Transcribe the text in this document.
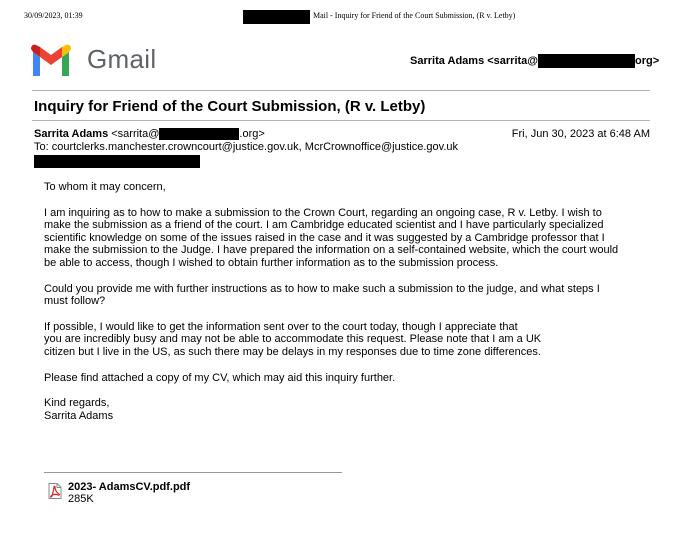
30/09/2023, 01:39	Mail - Inquiry for Friend of the Court Submission, (R v. Letby)
Gmail	Sarrita Adams <sarrita@	org>
Inquiry for Friend of the Court Submission, (R v. Letby)
Sarrita Adams <sarrita@	.org>	Fri, Jun 30, 2023 at 6:48 AM
To: courtclerks.manchester.crowncourt@justice.gov.uk, McrCrownoffice@justice.gov.uk

To whom it may concern,

I am inquiring as to how to make a submission to the Crown Court, regarding an ongoing case, R v. Letby. I wish to
make the submission as a friend of the court. I am Cambridge educated scientist and I have particularly specialized
scientific knowledge on some of the issues raised in the case and it was suggested by a Cambridge professor that I
make the submission to the Judge. I have prepared the information on a self-contained website, which the court would
be able to access, though I wished to obtain further information as to the submission process.

Could you provide me with further instructions as to how to make such a submission to the judge, and what steps I
must follow?

If possible, I would like to get the information sent over to the court today, though I appreciate that
you are incredibly busy and may not be able to accommodate this request. Please note that I am a UK
citizen but I live in the US, as such there may be delays in my responses due to time zone differences.

Please find attached a copy of my CV, which may aid this inquiry further.

Kind regards,
Sarrita Adams

2023- AdamsCV.pdf.pdf
285K
